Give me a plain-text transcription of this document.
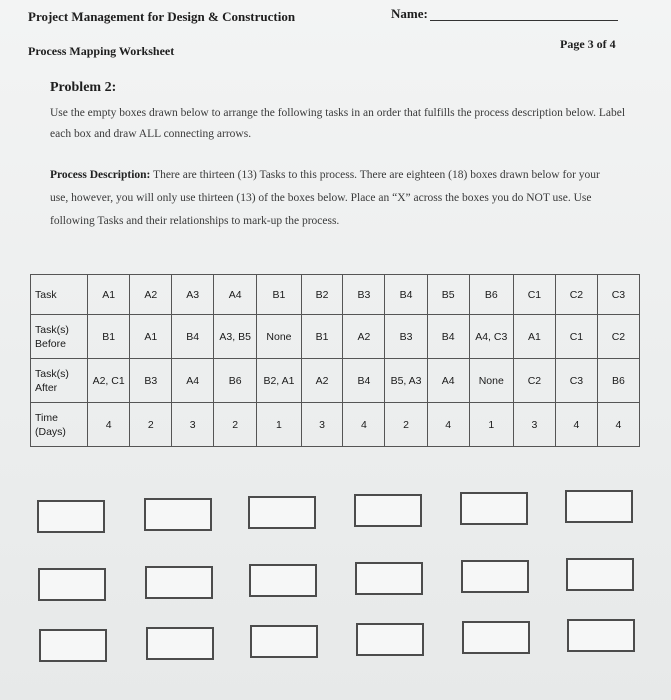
Project Management for Design & Construction	Name:
Process Mapping Worksheet	Page 3 of 4
Problem 2:
Use the empty boxes drawn below to arrange the following tasks in an order that fulfills the process description below. Label each box and draw ALL connecting arrows.
Process Description: There are thirteen (13) Tasks to this process. There are eighteen (18) boxes drawn below for your use, however, you will only use thirteen (13) of the boxes below. Place an “X” across the boxes you do NOT use. Use following Tasks and their relationships to mark-up the process.
Task	A1	A2	A3	A4	B1	B2	B3	B4	B5	B6	C1	C2	C3
Task(s) Before	B1	A1	B4	A3, B5	None	B1	A2	B3	B4	A4, C3	A1	C1	C2
Task(s) After	A2, C1	B3	A4	B6	B2, A1	A2	B4	B5, A3	A4	None	C2	C3	B6
Time (Days)	4	2	3	2	1	3	4	2	4	1	3	4	4
